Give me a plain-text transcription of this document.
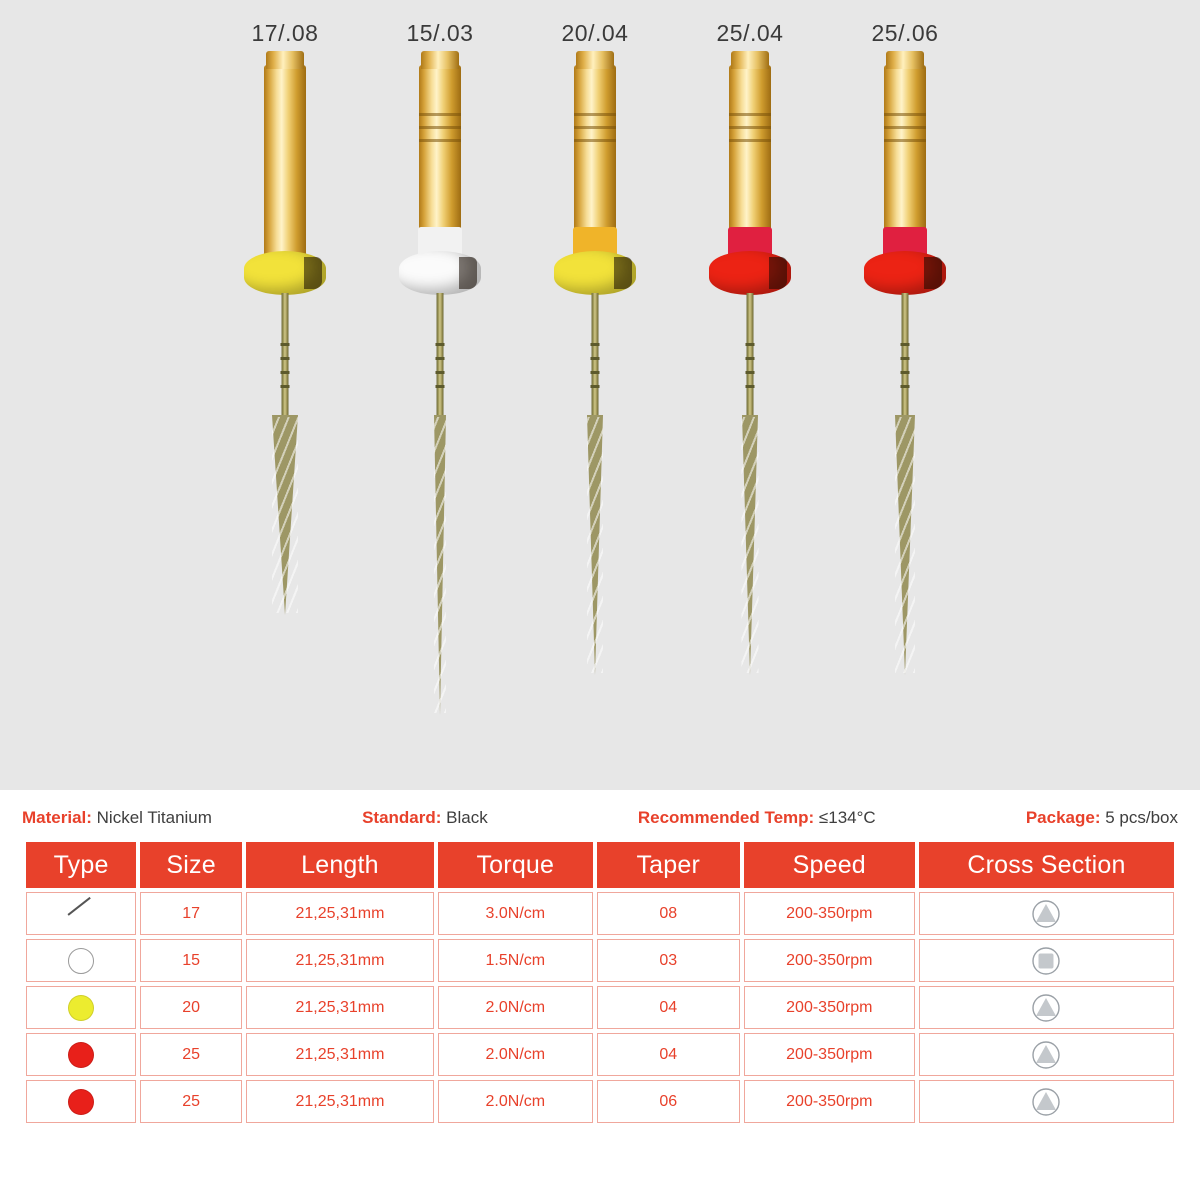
17/.08	15/.03	20/.04	25/.04	25/.06
Material: Nickel Titanium	Standard: Black	Recommended Temp: ≤134°C	Package: 5 pcs/box
Type	Size	Length	Torque	Taper	Speed	Cross Section
	17	21,25,31mm	3.0N/cm	08	200-350rpm	
	15	21,25,31mm	1.5N/cm	03	200-350rpm	
	20	21,25,31mm	2.0N/cm	04	200-350rpm	
	25	21,25,31mm	2.0N/cm	04	200-350rpm	
	25	21,25,31mm	2.0N/cm	06	200-350rpm	
